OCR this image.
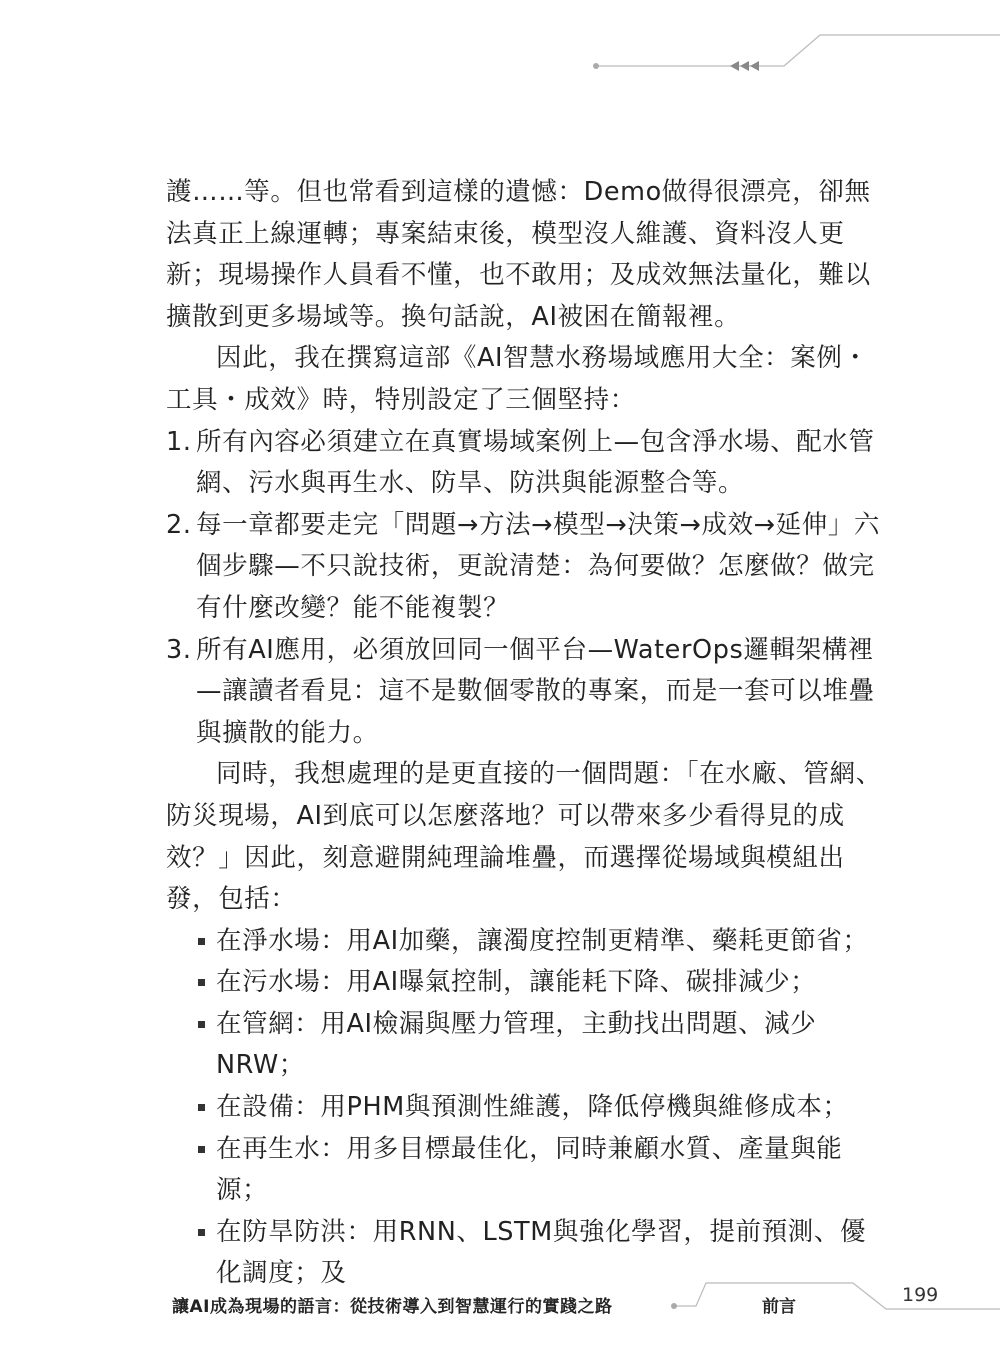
護……等。但也常看到這樣的遺憾：Demo做得很漂亮，卻無法真正上線運轉；專案結束後，模型沒人維護、資料沒人更新；現場操作人員看不懂，也不敢用；及成效無法量化，難以擴散到更多場域等。換句話說，AI被困在簡報裡。

因此，我在撰寫這部《AI智慧水務場域應用大全：案例・工具・成效》時，特別設定了三個堅持：

1. 所有內容必須建立在真實場域案例上—包含淨水場、配水管網、污水與再生水、防旱、防洪與能源整合等。
2. 每一章都要走完「問題→方法→模型→決策→成效→延伸」六個步驟—不只說技術，更說清楚：為何要做？怎麼做？做完有什麼改變？能不能複製？
3. 所有AI應用，必須放回同一個平台—WaterOps邏輯架構裡—讓讀者看見：這不是數個零散的專案，而是一套可以堆疊與擴散的能力。

同時，我想處理的是更直接的一個問題：「在水廠、管網、防災現場，AI到底可以怎麼落地？可以帶來多少看得見的成效？」因此，刻意避開純理論堆疊，而選擇從場域與模組出發，包括：

在淨水場：用AI加藥，讓濁度控制更精準、藥耗更節省；
在污水場：用AI曝氣控制，讓能耗下降、碳排減少；
在管網：用AI檢漏與壓力管理，主動找出問題、減少NRW；
在設備：用PHM與預測性維護，降低停機與維修成本；
在再生水：用多目標最佳化，同時兼顧水質、產量與能源；
在防旱防洪：用RNN、LSTM與強化學習，提前預測、優化調度；及
讓AI成為現場的語言：從技術導入到智慧運行的實踐之路	前言
199
